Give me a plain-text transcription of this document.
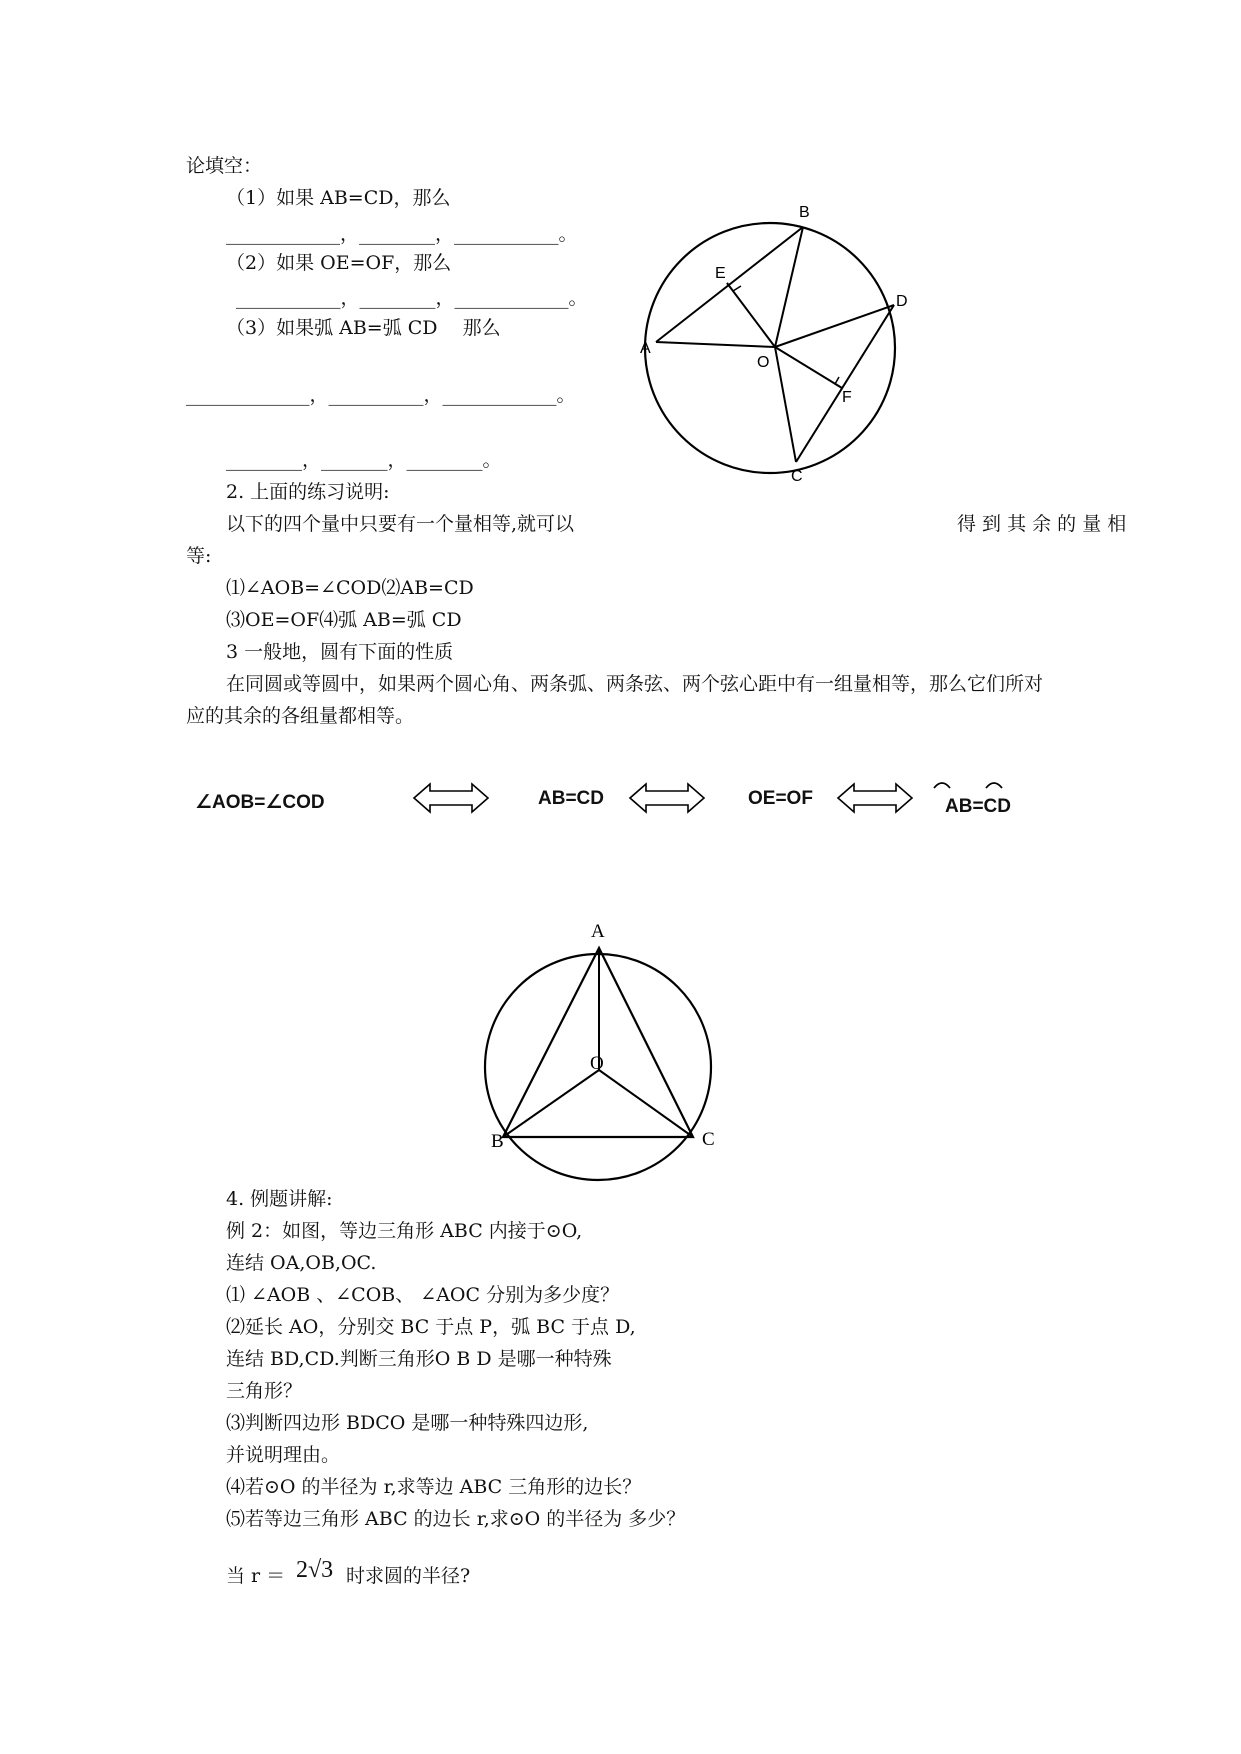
论填空：

（1）如果 AB=CD，那么

____________，________，___________。

（2）如果 OE=OF，那么

___________，________，____________。

（3）如果弧 AB=弧 CD　 那么

_____________，__________，____________。

________，_______，________。

A
B
C
D
E
F
O

2. 上面的练习说明:

以下的四个量中只要有一个量相等,就可以	得 到 其 余 的 量 相

等:

⑴∠AOB=∠COD⑵AB=CD

⑶OE=OF⑷弧 AB=弧 CD

3 一般地，圆有下面的性质

在同圆或等圆中，如果两个圆心角、两条弧、两条弦、两个弦心距中有一组量相等，那么它们所对

应的其余的各组量都相等。

∠AOB=∠COD	AB=CD	OE=OF	AB=CD

A
B	C
O

4. 例题讲解:

例 2：如图，等边三角形 ABC 内接于⊙O,

连结 OA,OB,OC.

⑴ ∠AOB 、∠COB、 ∠AOC 分别为多少度？

⑵延长 AO，分别交 BC 于点 P，弧 BC 于点 D,

连结 BD,CD.判断三角形O B D 是哪一种特殊

三角形？

⑶判断四边形 BDCO 是哪一种特殊四边形,

并说明理由。

⑷若⊙O 的半径为 r,求等边 ABC 三角形的边长？

⑸若等边三角形 ABC 的边长 r,求⊙O 的半径为 多少？

当 r ＝ 2√3 时求圆的半径?
